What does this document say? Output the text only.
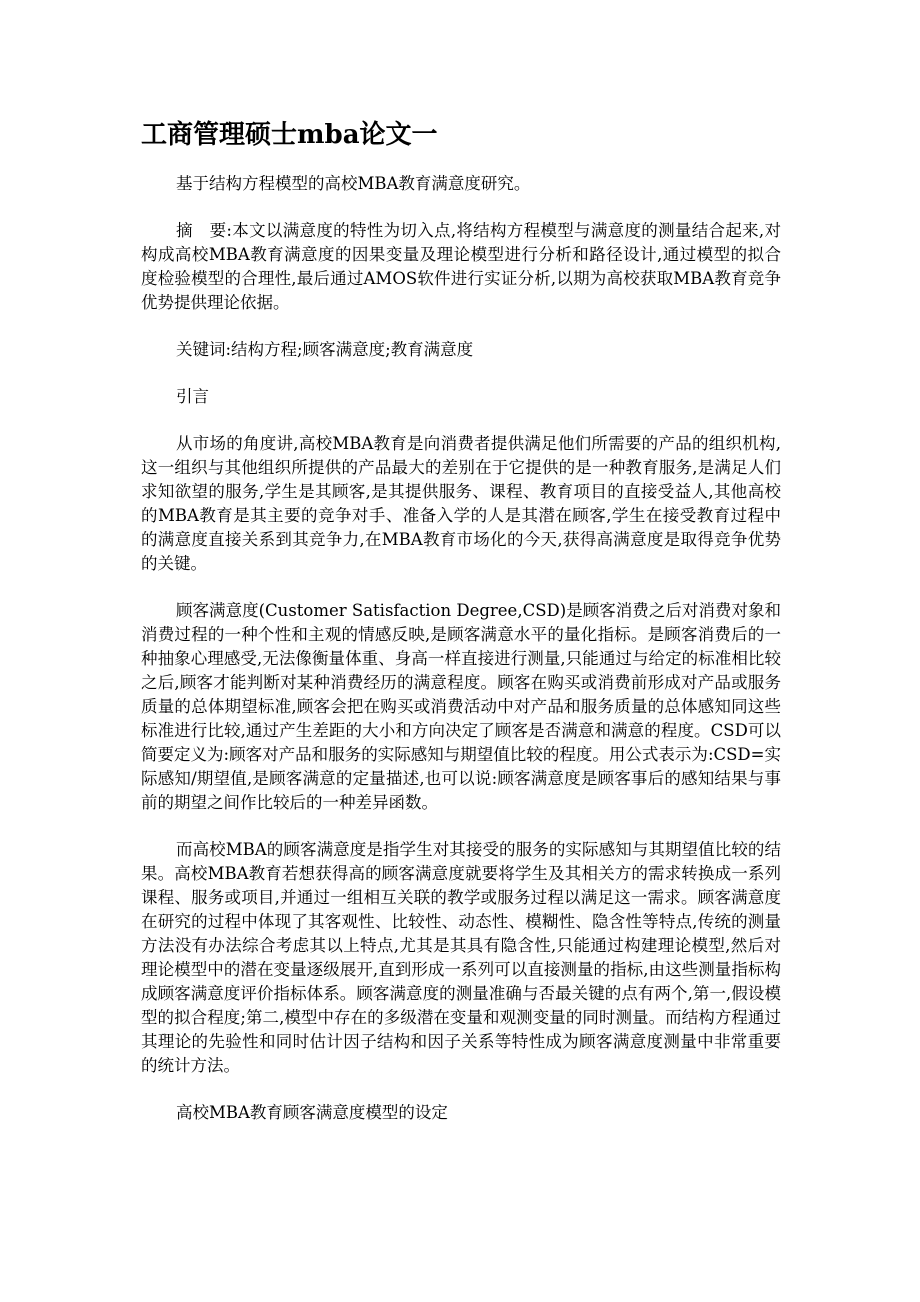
工商管理硕士mba论文一

基于结构方程模型的高校MBA教育满意度研究。

摘　要:本文以满意度的特性为切入点,将结构方程模型与满意度的测量结合起来,对构成高校MBA教育满意度的因果变量及理论模型进行分析和路径设计,通过模型的拟合度检验模型的合理性,最后通过AMOS软件进行实证分析,以期为高校获取MBA教育竞争优势提供理论依据。

关键词:结构方程;顾客满意度;教育满意度

引言

从市场的角度讲,高校MBA教育是向消费者提供满足他们所需要的产品的组织机构,这一组织与其他组织所提供的产品最大的差别在于它提供的是一种教育服务,是满足人们求知欲望的服务,学生是其顾客,是其提供服务、课程、教育项目的直接受益人,其他高校的MBA教育是其主要的竞争对手、准备入学的人是其潜在顾客,学生在接受教育过程中的满意度直接关系到其竞争力,在MBA教育市场化的今天,获得高满意度是取得竞争优势的关键。

顾客满意度(Customer Satisfaction Degree,CSD)是顾客消费之后对消费对象和消费过程的一种个性和主观的情感反映,是顾客满意水平的量化指标。是顾客消费后的一种抽象心理感受,无法像衡量体重、身高一样直接进行测量,只能通过与给定的标准相比较之后,顾客才能判断对某种消费经历的满意程度。顾客在购买或消费前形成对产品或服务质量的总体期望标准,顾客会把在购买或消费活动中对产品和服务质量的总体感知同这些标准进行比较,通过产生差距的大小和方向决定了顾客是否满意和满意的程度。CSD可以简要定义为:顾客对产品和服务的实际感知与期望值比较的程度。用公式表示为:CSD=实际感知/期望值,是顾客满意的定量描述,也可以说:顾客满意度是顾客事后的感知结果与事前的期望之间作比较后的一种差异函数。

而高校MBA的顾客满意度是指学生对其接受的服务的实际感知与其期望值比较的结果。高校MBA教育若想获得高的顾客满意度就要将学生及其相关方的需求转换成一系列课程、服务或项目,并通过一组相互关联的教学或服务过程以满足这一需求。顾客满意度在研究的过程中体现了其客观性、比较性、动态性、模糊性、隐含性等特点,传统的测量方法没有办法综合考虑其以上特点,尤其是其具有隐含性,只能通过构建理论模型,然后对理论模型中的潜在变量逐级展开,直到形成一系列可以直接测量的指标,由这些测量指标构成顾客满意度评价指标体系。顾客满意度的测量准确与否最关键的点有两个,第一,假设模型的拟合程度;第二,模型中存在的多级潜在变量和观测变量的同时测量。而结构方程通过其理论的先验性和同时估计因子结构和因子关系等特性成为顾客满意度测量中非常重要的统计方法。

高校MBA教育顾客满意度模型的设定
